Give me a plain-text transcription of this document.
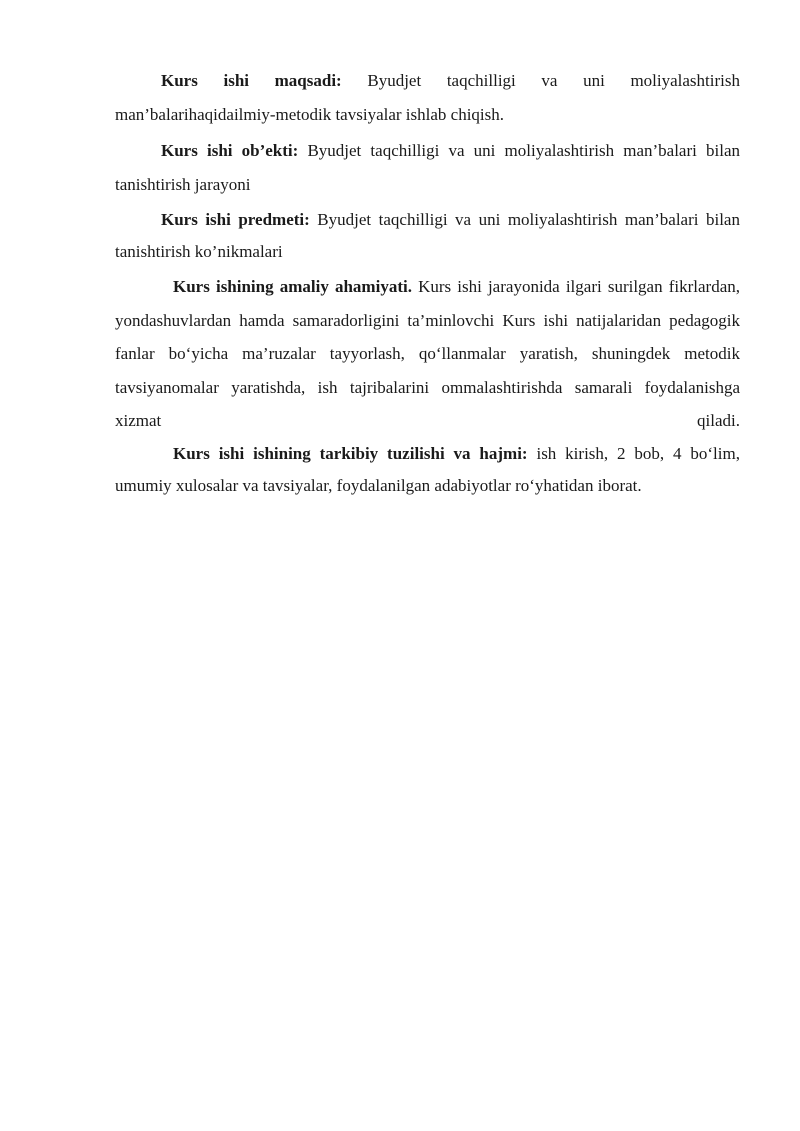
Kurs ishi maqsadi: Byudjet taqchilligi va uni moliyalashtirish man’balarihaqidailmiy-metodik tavsiyalar ishlab chiqish.

Kurs ishi ob’ekti: Byudjet taqchilligi va uni moliyalashtirish man’balari bilan tanishtirish jarayoni

Kurs ishi predmeti: Byudjet taqchilligi va uni moliyalashtirish man’balari bilan tanishtirish ko’nikmalari

Kurs ishining amaliy ahamiyati. Kurs ishi jarayonida ilgari surilgan fikrlardan, yondashuvlardan hamda samaradorligini ta’minlovchi Kurs ishi natijalaridan pedagogik fanlar bo‘yicha ma’ruzalar tayyorlash, qo‘llanmalar yaratish, shuningdek metodik tavsiyanomalar yaratishda, ish tajribalarini ommalashtirishda samarali foydalanishga xizmat qiladi.

Kurs ishi ishining tarkibiy tuzilishi va hajmi: ish kirish, 2 bob, 4 bo‘lim, umumiy xulosalar va tavsiyalar, foydalanilgan adabiyotlar ro‘yhatidan iborat.
